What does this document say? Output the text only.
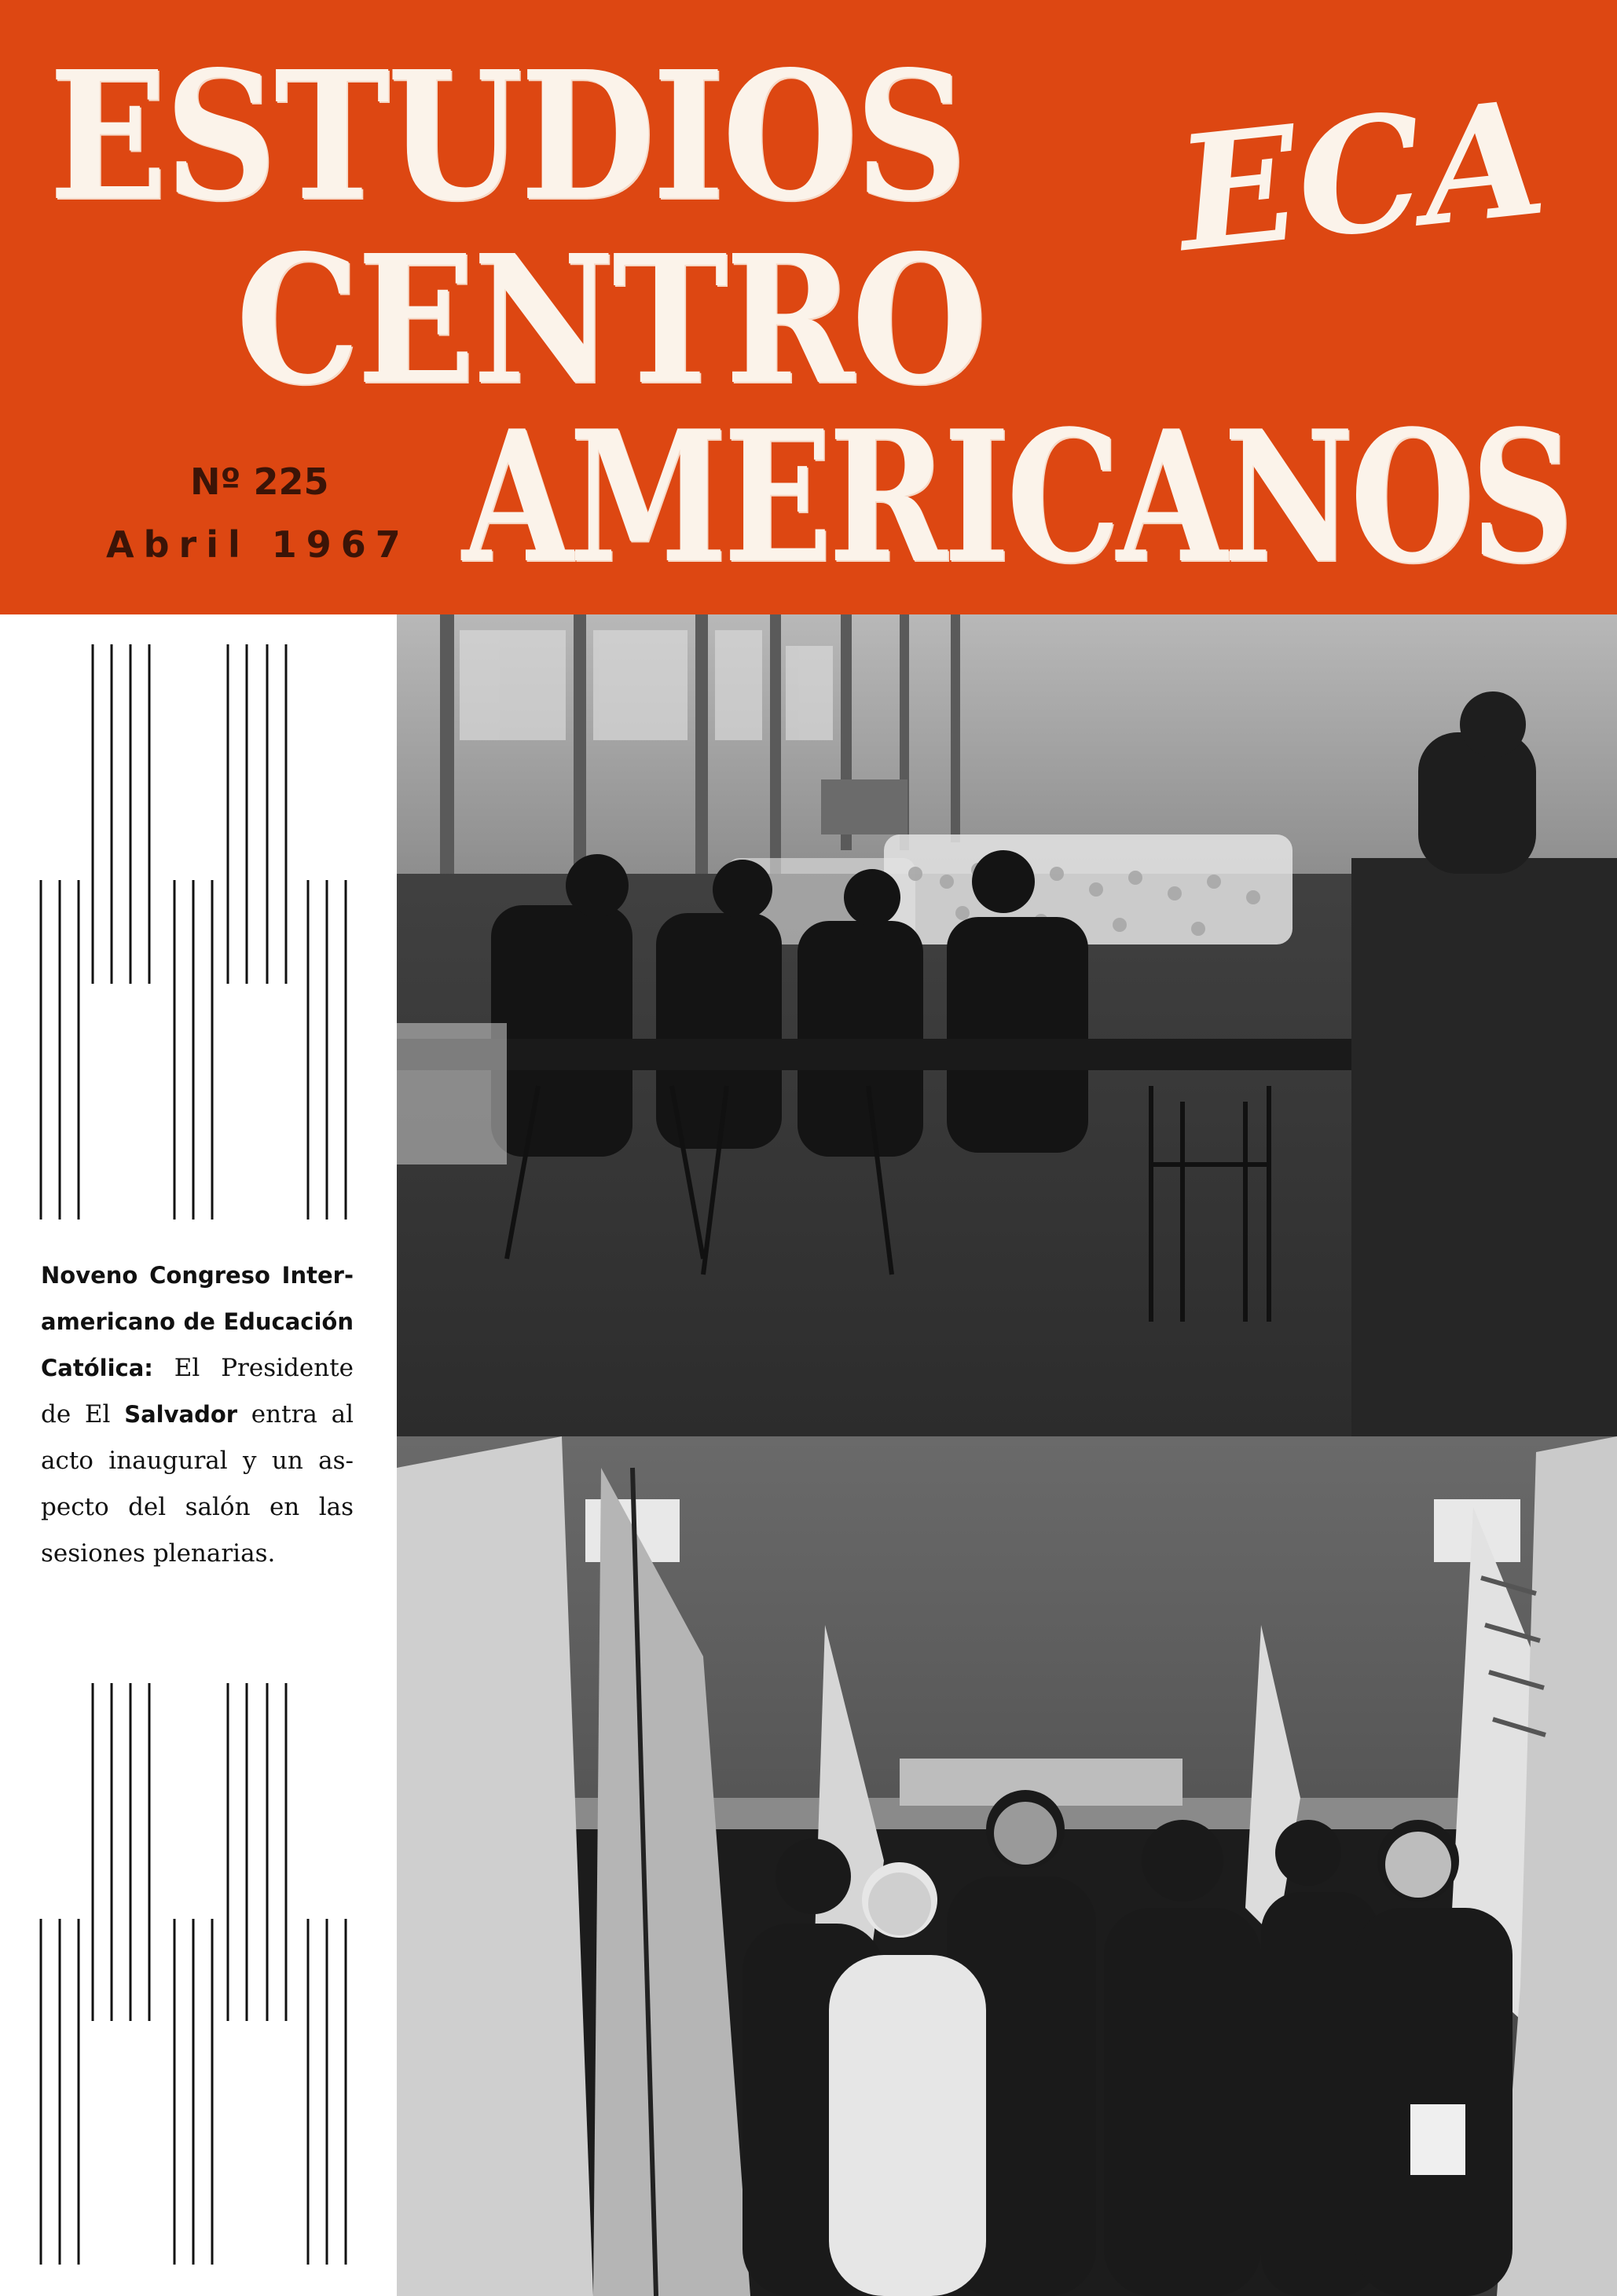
ESTUDIOS
CENTRO
AMERICANOS
ECA
Nº 225
Abril 1967

Noveno Congreso Inter-

americano de Educación

Católica: El Presidente

de El Salvador entra al

acto inaugural y un as-

pecto del salón en las

sesiones plenarias.
